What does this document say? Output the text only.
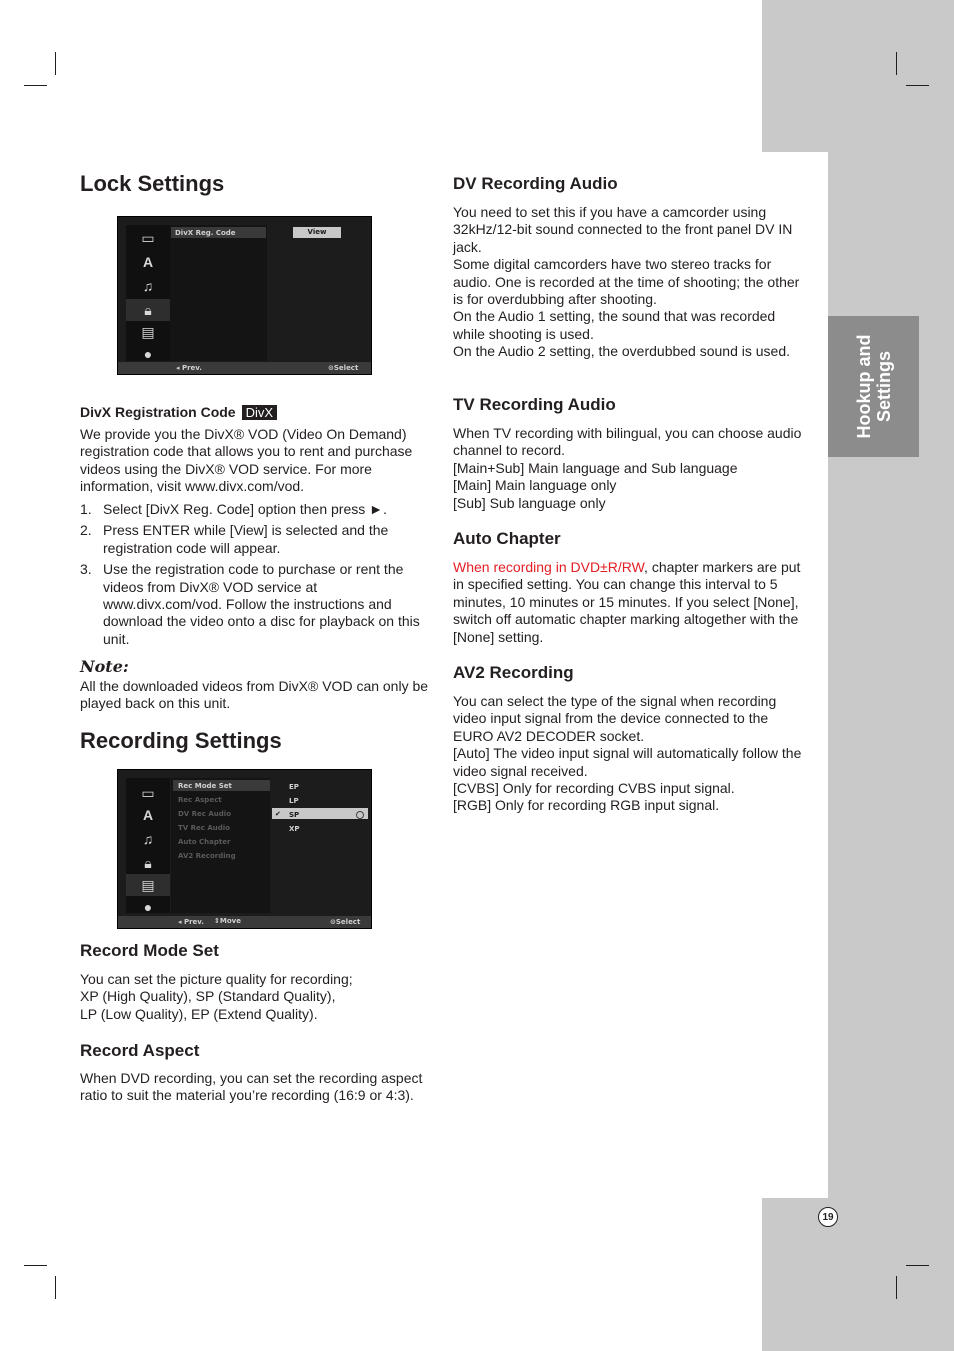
Hookup and Settings
19
Lock Settings
▭
A
♫
🔒︎
▤
●
DivX Reg. Code	View
◂ Prev.	⊙Select
DivX Registration Code DivX

We provide you the DivX® VOD (Video On Demand) registration code that allows you to rent and purchase videos using the DivX® VOD service. For more information, visit www.divx.com/vod.

1. Select [DivX Reg. Code] option then press ►.
2. Press ENTER while [View] is selected and the registration code will appear.
3. Use the registration code to purchase or rent the videos from DivX® VOD service at www.divx.com/vod. Follow the instructions and download the video onto a disc for playback on this unit.
Note:

All the downloaded videos from DivX® VOD can only be played back on this unit.

Recording Settings
▭
A
♫
🔒︎
▤
●
Rec Mode Set
Rec Aspect
DV Rec Audio
TV Rec Audio
Auto Chapter
AV2 Recording
EP
LP
✔ SP
XP
◂ Prev. ⇕Move	⊙Select
Record Mode Set

You can set the picture quality for recording;

XP (High Quality), SP (Standard Quality),

LP (Low Quality), EP (Extend Quality).

Record Aspect

When DVD recording, you can set the recording aspect ratio to suit the material you’re recording (16:9 or 4:3).

DV Recording Audio

You need to set this if you have a camcorder using 32kHz/12-bit sound connected to the front panel DV IN jack.

Some digital camcorders have two stereo tracks for audio. One is recorded at the time of shooting; the other is for overdubbing after shooting.

On the Audio 1 setting, the sound that was recorded while shooting is used.

On the Audio 2 setting, the overdubbed sound is used.

TV Recording Audio

When TV recording with bilingual, you can choose audio channel to record.

[Main+Sub] Main language and Sub language

[Main] Main language only

[Sub] Sub language only

Auto Chapter

When recording in DVD±R/RW, chapter markers are put in specified setting. You can change this interval to 5 minutes, 10 minutes or 15 minutes. If you select [None], switch off automatic chapter marking altogether with the [None] setting.

AV2 Recording

You can select the type of the signal when recording video input signal from the device connected to the EURO AV2 DECODER socket.

[Auto] The video input signal will automatically follow the video signal received.

[CVBS] Only for recording CVBS input signal.

[RGB] Only for recording RGB input signal.
